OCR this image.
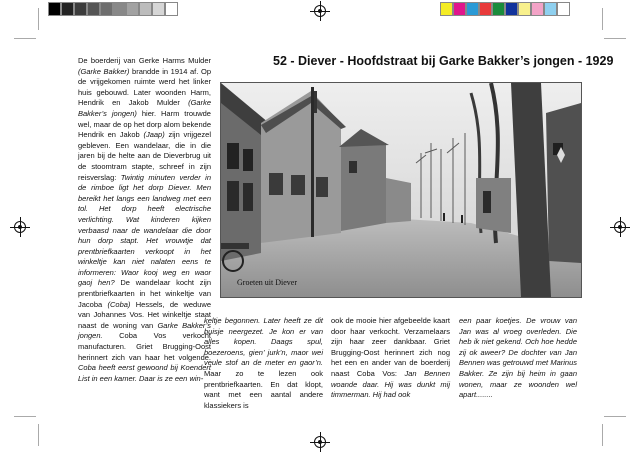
52 - Diever - Hoofdstraat bij Garke Bakker’s jongen - 1929
Groeten uit Diever

De boerderij van Gerke Harms Mulder (Garke Bakker) brandde in 1914 af. Op de vrijgekomen ruimte werd het linker huis gebouwd. Later woonden Harm, Hendrik en Jakob Mulder (Garke Bakker’s jongen) hier. Harm trouwde wel, maar de op het dorp alom bekende Hendrik en Jakob (Jaap) zijn vrijgezel gebleven. Een wandelaar, die in die jaren bij de helte aan de Dieverbrug uit de stoomtram stapte, schreef in zijn reisverslag: Twintig minuten verder in de rimboe ligt het dorp Diever. Men bereikt het langs een landweg met een tol. Het dorp heeft electrische verlichting. Wat kinderen kijken verbaasd naar de wandelaar die door hun dorp stapt. Het vrouwtje dat prentbriefkaarten verkoopt in het winkeltje kan niet nalaten eens te informeren: Waor kooj weg en waor gaoj hen? De wandelaar kocht zijn prentbriefkaarten in het winkeltje van Jacoba (Coba) Hessels, de weduwe van Johannes Vos. Het winkeltje staat naast de woning van Garke Bakker’s jongen. Coba Vos verkocht manufacturen. Griet Brugging-Oost herinnert zich van haar het volgende. Coba heeft eerst gewoond bij Koendert List in een kamer. Daar is ze een win-

keltje begonnen. Later heeft ze dit huisje neergezet. Je kon er van alles kopen. Daags spul, boezeroens, gien’ jurk’n, maor wei veule stof an de meter en gaor’n. Maar zo te lezen ook prentbriefkaarten. En dat klopt, want met een aantal andere klassiekers is

ook de mooie hier afgebeelde kaart door haar verkocht. Verzamelaars zijn haar zeer dankbaar. Griet Brugging-Oost herinnert zich nog het een en ander van de boerderij naast Coba Vos: Jan Bennen woande daar. Hij was dunkt mij timmerman. Hij had ook

een paar koetjes. De vrouw van Jan was al vroeg overleden. Die heb ik niet gekend. Och hoe hedde zij ok aweer? De dochter van Jan Bennen was getrouwd met Marinus Bakker. Ze zijn bij heim in gaan wonen, maar ze woonden wel apart........
